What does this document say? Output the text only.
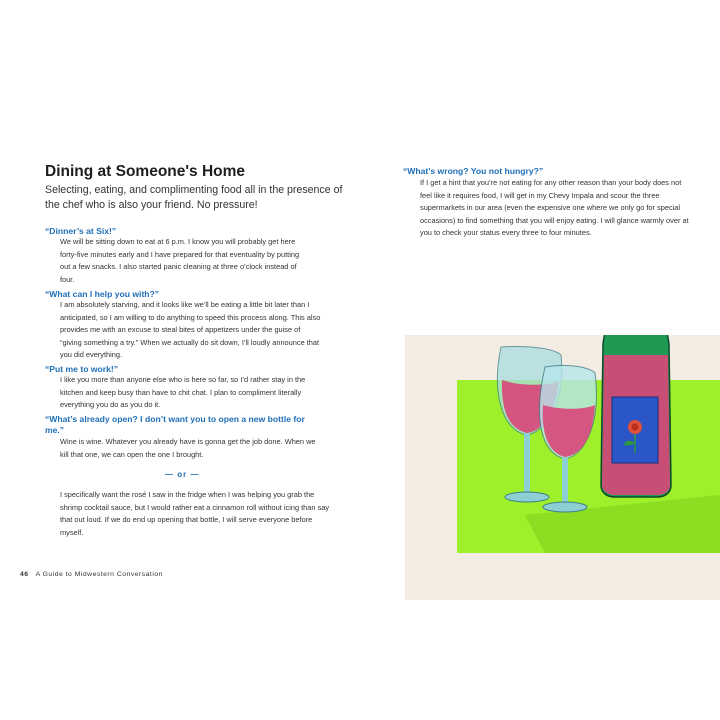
Dining at Someone's Home
Selecting, eating, and complimenting food all in the presence of the chef who is also your friend. No pressure!
“Dinner’s at Six!”
We will be sitting down to eat at 6 p.m. I know you will probably get here forty-five minutes early and I have prepared for that eventuality by putting out a few snacks. I also started panic cleaning at three o’clock instead of four.
“What can I help you with?”
I am absolutely starving, and it looks like we’ll be eating a little bit later than I anticipated, so I am willing to do anything to speed this process along. This also provides me with an excuse to steal bites of appetizers under the guise of “giving something a try.” When we actually do sit down, I’ll loudly announce that you did everything.
“Put me to work!”
I like you more than anyone else who is here so far, so I’d rather stay in the kitchen and keep busy than have to chit chat. I plan to compliment literally everything you do as you do it.
“What’s already open? I don’t want you to open a new bottle for me.”
Wine is wine. Whatever you already have is gonna get the job done. When we kill that one, we can open the one I brought.
— or —
I specifically want the rosé I saw in the fridge when I was helping you grab the shrimp cocktail sauce, but I would rather eat a cinnamon roll without icing than say that out loud. If we do end up opening that bottle, I will serve everyone before myself.
46 A Guide to Midwestern Conversation
“What’s wrong? You not hungry?”
If I get a hint that you’re not eating for any other reason than your body does not feel like it requires food, I will get in my Chevy Impala and scour the three supermarkets in our area (even the expensive one where we only go for special occasions) to find something that you will enjoy eating. I will glance warmly over at you to check your status every three to four minutes.
